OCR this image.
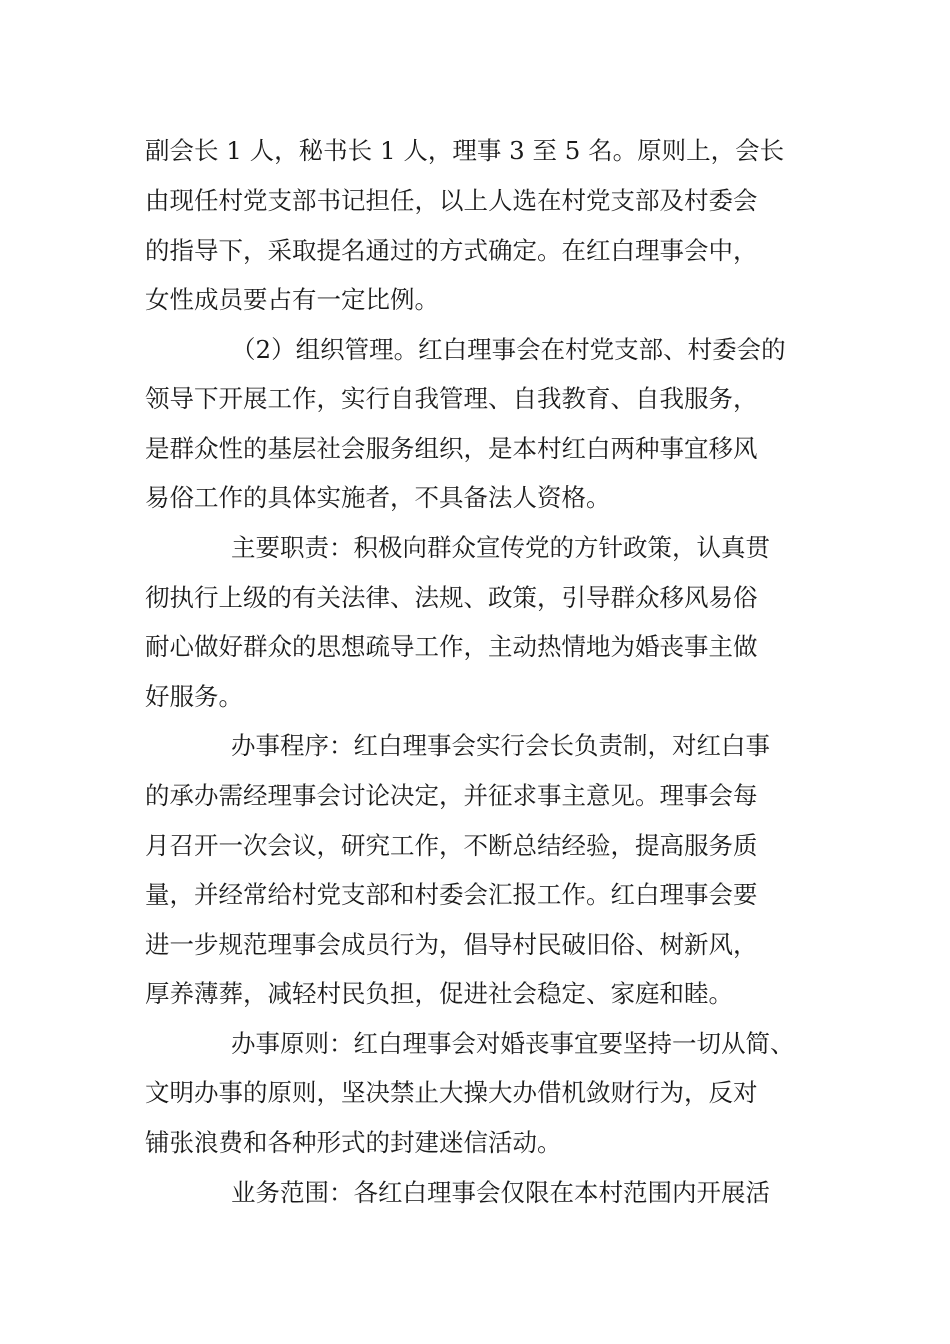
副会长 1 人，秘书长 1 人，理事 3 至 5 名。原则上，会长
由现任村党支部书记担任，以上人选在村党支部及村委会
的指导下，采取提名通过的方式确定。在红白理事会中，
女性成员要占有一定比例。
（2）组织管理。红白理事会在村党支部、村委会的
领导下开展工作，实行自我管理、自我教育、自我服务，
是群众性的基层社会服务组织，是本村红白两种事宜移风
易俗工作的具体实施者，不具备法人资格。
主要职责：积极向群众宣传党的方针政策，认真贯
彻执行上级的有关法律、法规、政策，引导群众移风易俗
耐心做好群众的思想疏导工作，主动热情地为婚丧事主做
好服务。
办事程序：红白理事会实行会长负责制，对红白事
的承办需经理事会讨论决定，并征求事主意见。理事会每
月召开一次会议，研究工作，不断总结经验，提高服务质
量，并经常给村党支部和村委会汇报工作。红白理事会要
进一步规范理事会成员行为，倡导村民破旧俗、树新风，
厚养薄葬，减轻村民负担，促进社会稳定、家庭和睦。
办事原则：红白理事会对婚丧事宜要坚持一切从简、
文明办事的原则，坚决禁止大操大办借机敛财行为，反对
铺张浪费和各种形式的封建迷信活动。
业务范围：各红白理事会仅限在本村范围内开展活
